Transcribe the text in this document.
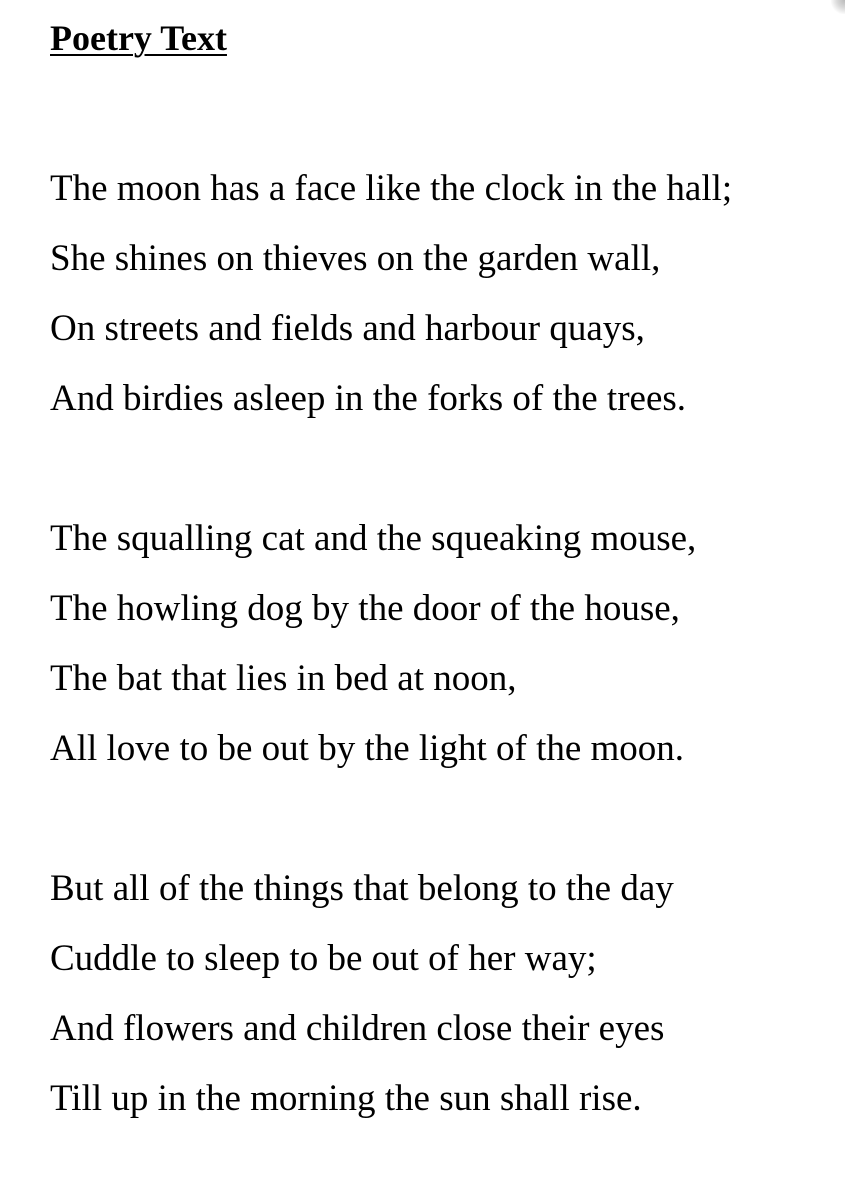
Poetry Text
The moon has a face like the clock in the hall;
She shines on thieves on the garden wall,
On streets and fields and harbour quays,
And birdies asleep in the forks of the trees.
The squalling cat and the squeaking mouse,
The howling dog by the door of the house,
The bat that lies in bed at noon,
All love to be out by the light of the moon.
But all of the things that belong to the day
Cuddle to sleep to be out of her way;
And flowers and children close their eyes
Till up in the morning the sun shall rise.
